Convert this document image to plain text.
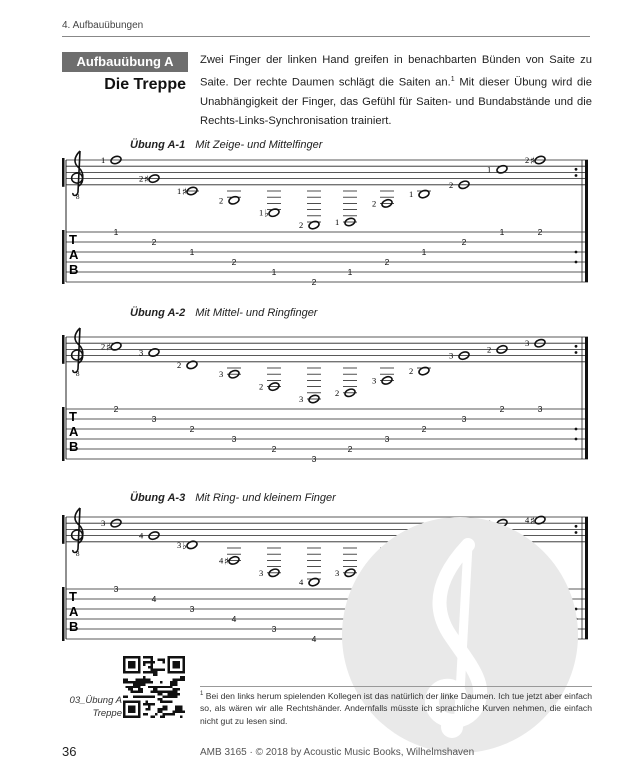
4. Aufbauübungen
Aufbauübung A
Die Treppe
Zwei Finger der linken Hand greifen in benachbarten Bünden von Saite zu Saite. Der rechte Daumen schlägt die Saiten an.$^1$ Mit dieser Übung wird die Unabhängigkeit der Finger, das Gefühl für Saiten- und Bundabstände und die Rechts-Links-Synchronisation trainiert.
Übung A-1 Mit Zeige- und Mittelfinger
Übung A-2 Mit Mittel- und Ringfinger
Übung A-3 Mit Ring- und kleinem Finger
8
T
A
B
1
1
2 ♯
2
1 ♯
1
2
2
1 ♭
1
2
2
1
1
2
2
1
1
2
2
1
1
2 ♯
2
8
T
A
B
2 ♯
2
3
3
2
2
3
3
2
2
3
3
2
2
3
3
2
2
3
3
2
2
3
3
8
T
A
B
3
3
4
4
3 ♭
3
4 ♯
4
3
3
4
4
3
4 ♯
03_Übung A
Treppe
$^1$ Bei den links herum spielenden Kollegen ist das natürlich der linke Daumen. Ich tue jetzt aber einfach so, als wären wir alle Rechtshänder. Andernfalls müsste ich sprachliche Kurven nehmen, die einfach nicht gut zu lesen sind.
36	AMB 3165 · © 2018 by Acoustic Music Books, Wilhelmshaven
